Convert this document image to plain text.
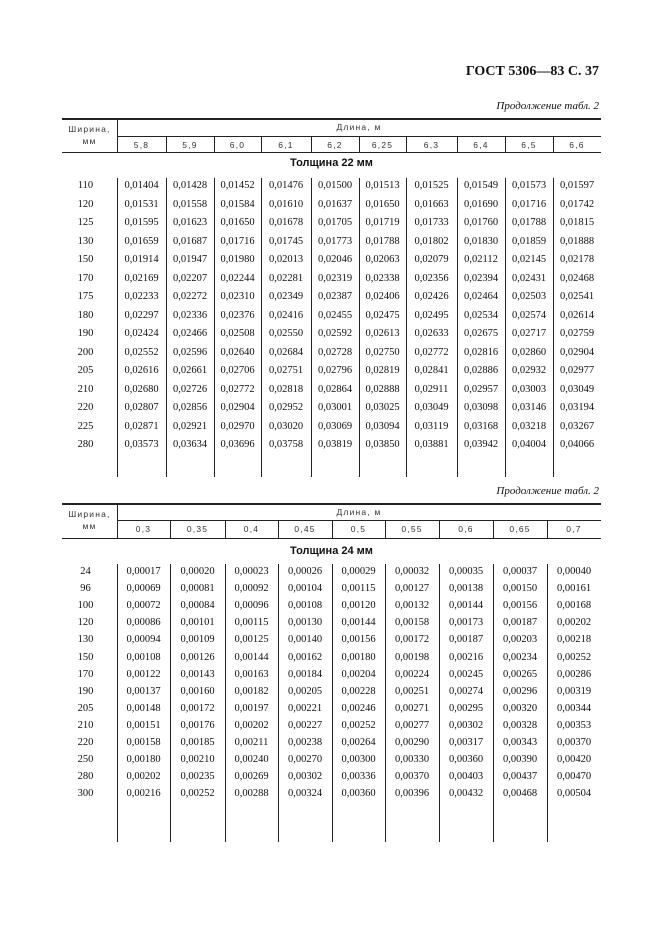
ГОСТ 5306—83 С. 37
Продолжение табл. 2
Ширина,
мм
Длина, м
5,8	5,9	6,0	6,1	6,2	6,25	6,3	6,4	6,5	6,6
Толщина 22 мм
110	0,01404	0,01428	0,01452	0,01476	0,01500	0,01513	0,01525	0,01549	0,01573	0,01597
120	0,01531	0,01558	0,01584	0,01610	0,01637	0,01650	0,01663	0,01690	0,01716	0,01742
125	0,01595	0,01623	0,01650	0,01678	0,01705	0,01719	0,01733	0,01760	0,01788	0,01815
130	0,01659	0,01687	0,01716	0,01745	0,01773	0,01788	0,01802	0,01830	0,01859	0,01888
150	0,01914	0,01947	0,01980	0,02013	0,02046	0,02063	0,02079	0,02112	0,02145	0,02178
170	0,02169	0,02207	0,02244	0,02281	0,02319	0,02338	0,02356	0,02394	0,02431	0,02468
175	0,02233	0,02272	0,02310	0,02349	0,02387	0,02406	0,02426	0,02464	0,02503	0,02541
180	0,02297	0,02336	0,02376	0,02416	0,02455	0,02475	0,02495	0,02534	0,02574	0,02614
190	0,02424	0,02466	0,02508	0,02550	0,02592	0,02613	0,02633	0,02675	0,02717	0,02759
200	0,02552	0,02596	0,02640	0,02684	0,02728	0,02750	0,02772	0,02816	0,02860	0,02904
205	0,02616	0,02661	0,02706	0,02751	0,02796	0,02819	0,02841	0,02886	0,02932	0,02977
210	0,02680	0,02726	0,02772	0,02818	0,02864	0,02888	0,02911	0,02957	0,03003	0,03049
220	0,02807	0,02856	0,02904	0,02952	0,03001	0,03025	0,03049	0,03098	0,03146	0,03194
225	0,02871	0,02921	0,02970	0,03020	0,03069	0,03094	0,03119	0,03168	0,03218	0,03267
280	0,03573	0,03634	0,03696	0,03758	0,03819	0,03850	0,03881	0,03942	0,04004	0,04066
Продолжение табл. 2
Ширина,
мм
Длина, м
0,3	0,35	0,4	0,45	0,5	0,55	0,6	0,65	0,7
Толщина 24 мм
24	0,00017	0,00020	0,00023	0,00026	0,00029	0,00032	0,00035	0,00037	0,00040
96	0,00069	0,00081	0,00092	0,00104	0,00115	0,00127	0,00138	0,00150	0,00161
100	0,00072	0,00084	0,00096	0,00108	0,00120	0,00132	0,00144	0,00156	0,00168
120	0,00086	0,00101	0,00115	0,00130	0,00144	0,00158	0,00173	0,00187	0,00202
130	0,00094	0,00109	0,00125	0,00140	0,00156	0,00172	0,00187	0,00203	0,00218
150	0,00108	0,00126	0,00144	0,00162	0,00180	0,00198	0,00216	0,00234	0,00252
170	0,00122	0,00143	0,00163	0,00184	0,00204	0,00224	0,00245	0,00265	0,00286
190	0,00137	0,00160	0,00182	0,00205	0,00228	0,00251	0,00274	0,00296	0,00319
205	0,00148	0,00172	0,00197	0,00221	0,00246	0,00271	0,00295	0,00320	0,00344
210	0,00151	0,00176	0,00202	0,00227	0,00252	0,00277	0,00302	0,00328	0,00353
220	0,00158	0,00185	0,00211	0,00238	0,00264	0,00290	0,00317	0,00343	0,00370
250	0,00180	0,00210	0,00240	0,00270	0,00300	0,00330	0,00360	0,00390	0,00420
280	0,00202	0,00235	0,00269	0,00302	0,00336	0,00370	0,00403	0,00437	0,00470
300	0,00216	0,00252	0,00288	0,00324	0,00360	0,00396	0,00432	0,00468	0,00504
